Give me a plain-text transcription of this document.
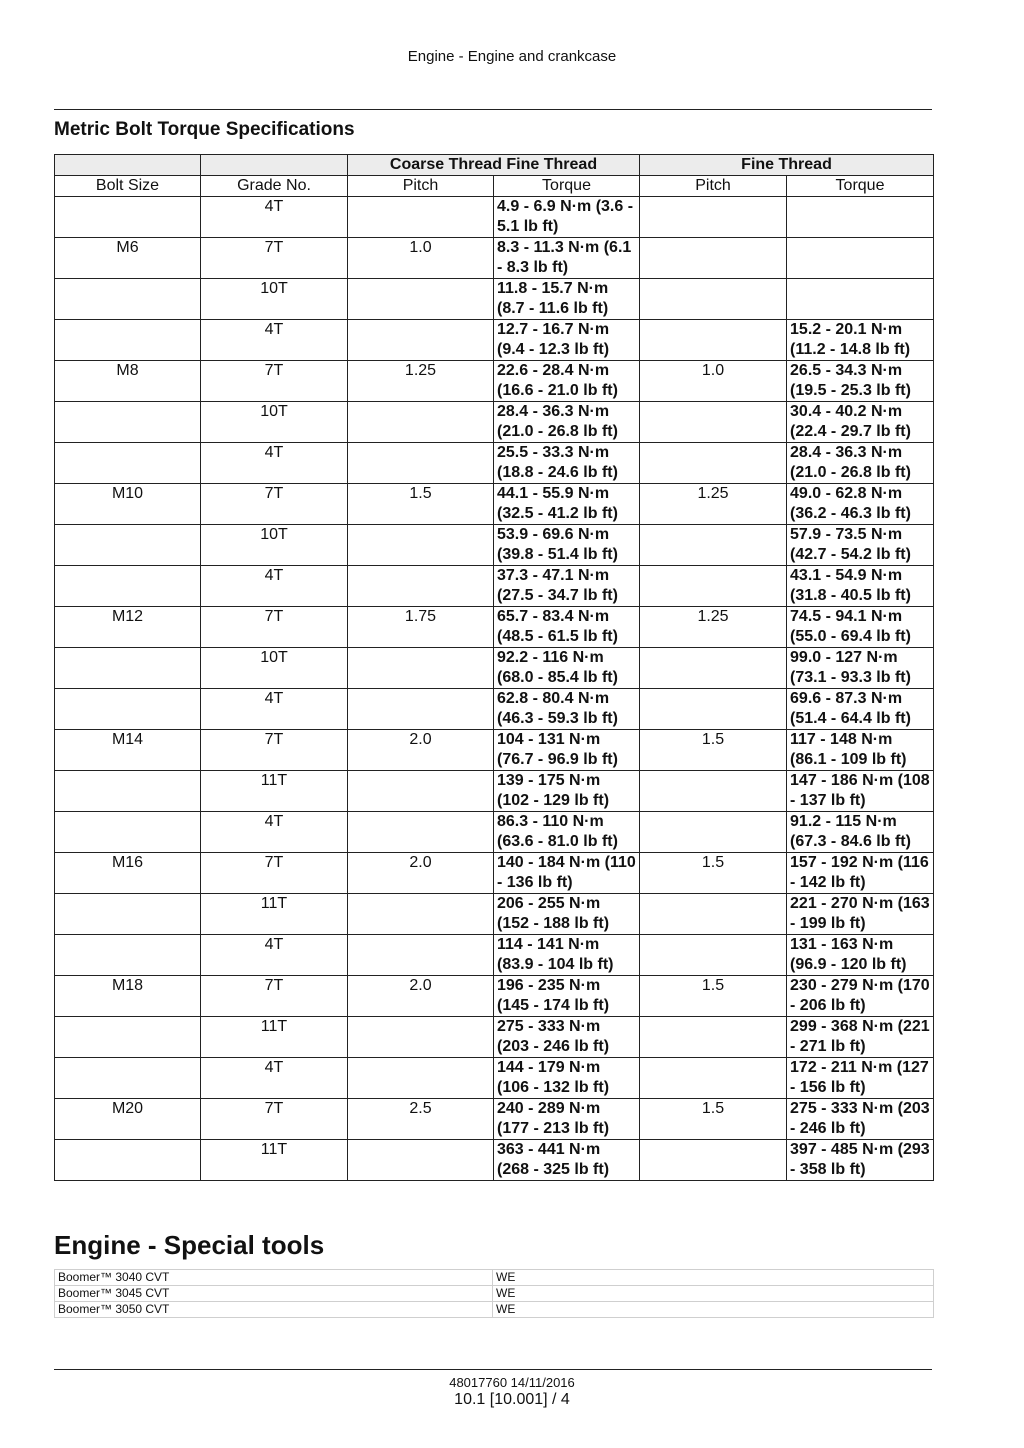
Engine - Engine and crankcase
Metric Bolt Torque Specifications
		Coarse Thread Fine Thread		Fine Thread	
Bolt Size	Grade No.	Pitch	Torque	Pitch	Torque
	4T		4.9 - 6.9 N·m (3.6 - 5.1 lb ft)		
M6	7T	1.0	8.3 - 11.3 N·m (6.1 - 8.3 lb ft)		
	10T		11.8 - 15.7 N·m (8.7 - 11.6 lb ft)		
	4T		12.7 - 16.7 N·m (9.4 - 12.3 lb ft)		15.2 - 20.1 N·m (11.2 - 14.8 lb ft)
M8	7T	1.25	22.6 - 28.4 N·m (16.6 - 21.0 lb ft)	1.0	26.5 - 34.3 N·m (19.5 - 25.3 lb ft)
	10T		28.4 - 36.3 N·m (21.0 - 26.8 lb ft)		30.4 - 40.2 N·m (22.4 - 29.7 lb ft)
	4T		25.5 - 33.3 N·m (18.8 - 24.6 lb ft)		28.4 - 36.3 N·m (21.0 - 26.8 lb ft)
M10	7T	1.5	44.1 - 55.9 N·m (32.5 - 41.2 lb ft)	1.25	49.0 - 62.8 N·m (36.2 - 46.3 lb ft)
	10T		53.9 - 69.6 N·m (39.8 - 51.4 lb ft)		57.9 - 73.5 N·m (42.7 - 54.2 lb ft)
	4T		37.3 - 47.1 N·m (27.5 - 34.7 lb ft)		43.1 - 54.9 N·m (31.8 - 40.5 lb ft)
M12	7T	1.75	65.7 - 83.4 N·m (48.5 - 61.5 lb ft)	1.25	74.5 - 94.1 N·m (55.0 - 69.4 lb ft)
	10T		92.2 - 116 N·m (68.0 - 85.4 lb ft)		99.0 - 127 N·m (73.1 - 93.3 lb ft)
	4T		62.8 - 80.4 N·m (46.3 - 59.3 lb ft)		69.6 - 87.3 N·m (51.4 - 64.4 lb ft)
M14	7T	2.0	104 - 131 N·m (76.7 - 96.9 lb ft)	1.5	117 - 148 N·m (86.1 - 109 lb ft)
	11T		139 - 175 N·m (102 - 129 lb ft)		147 - 186 N·m (108 - 137 lb ft)
	4T		86.3 - 110 N·m (63.6 - 81.0 lb ft)		91.2 - 115 N·m (67.3 - 84.6 lb ft)
M16	7T	2.0	140 - 184 N·m (110 - 136 lb ft)	1.5	157 - 192 N·m (116 - 142 lb ft)
	11T		206 - 255 N·m (152 - 188 lb ft)		221 - 270 N·m (163 - 199 lb ft)
	4T		114 - 141 N·m (83.9 - 104 lb ft)		131 - 163 N·m (96.9 - 120 lb ft)
M18	7T	2.0	196 - 235 N·m (145 - 174 lb ft)	1.5	230 - 279 N·m (170 - 206 lb ft)
	11T		275 - 333 N·m (203 - 246 lb ft)		299 - 368 N·m (221 - 271 lb ft)
	4T		144 - 179 N·m (106 - 132 lb ft)		172 - 211 N·m (127 - 156 lb ft)
M20	7T	2.5	240 - 289 N·m (177 - 213 lb ft)	1.5	275 - 333 N·m (203 - 246 lb ft)
	11T		363 - 441 N·m (268 - 325 lb ft)		397 - 485 N·m (293 - 358 lb ft)
Engine - Special tools
Boomer™ 3040 CVT	WE
Boomer™ 3045 CVT	WE
Boomer™ 3050 CVT	WE
48017760 14/11/2016
10.1 [10.001] / 4
